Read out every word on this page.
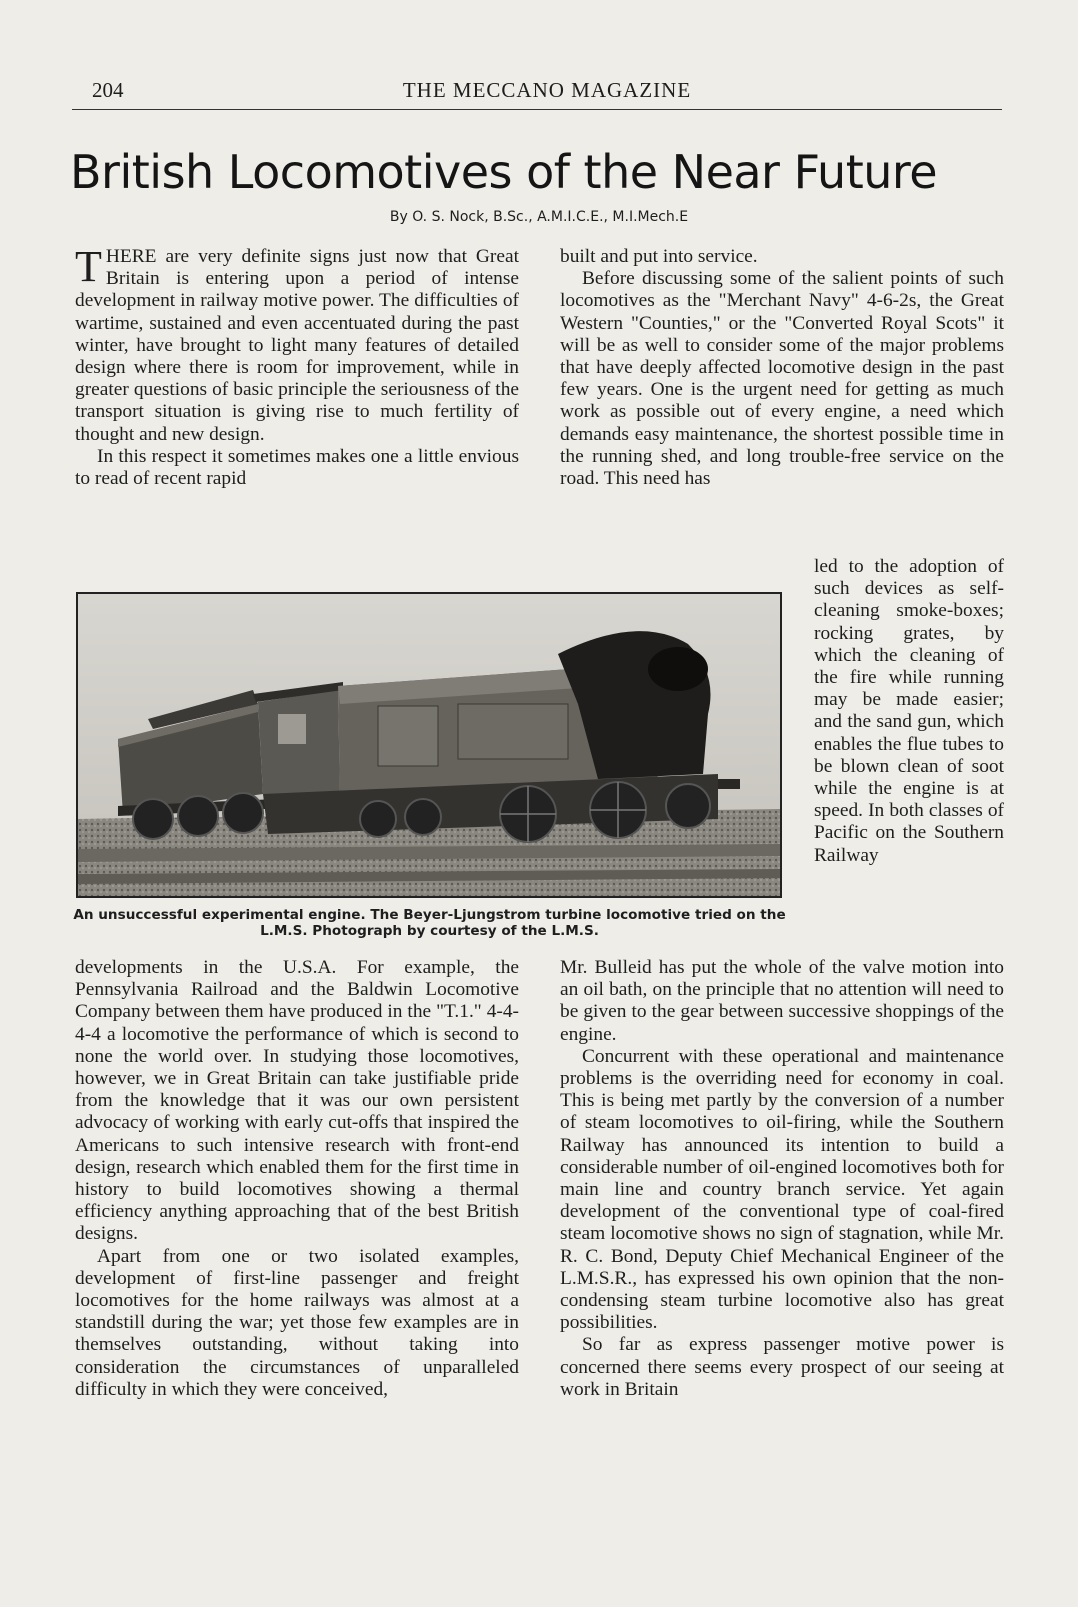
204	THE MECCANO MAGAZINE
British Locomotives of the Near Future
By O. S. Nock, B.Sc., A.M.I.C.E., M.I.Mech.E

THERE are very definite signs just now that Great Britain is entering upon a period of intense development in railway motive power. The difficulties of wartime, sustained and even accentuated during the past winter, have brought to light many features of detailed design where there is room for improvement, while in greater questions of basic principle the seriousness of the transport situation is giving rise to much fertility of thought and new design.

In this respect it sometimes makes one a little envious to read of recent rapid

built and put into service.

Before discussing some of the salient points of such locomotives as the "Merchant Navy" 4-6-2s, the Great Western "Counties," or the "Converted Royal Scots" it will be as well to consider some of the major problems that have deeply affected locomotive design in the past few years. One is the urgent need for getting as much work as possible out of every engine, a need which demands easy maintenance, the shortest possible time in the running shed, and long trouble-free service on the road. This need has

An unsuccessful experimental engine. The Beyer-Ljungstrom turbine locomotive tried on the L.M.S. Photograph by courtesy of the L.M.S.

led to the adoption of such devices as self-cleaning smoke-boxes; rocking grates, by which the cleaning of the fire while running may be made easier; and the sand gun, which enables the flue tubes to be blown clean of soot while the engine is at speed. In both classes of Pacific on the Southern Railway

developments in the U.S.A. For example, the Pennsylvania Railroad and the Baldwin Locomotive Company between them have produced in the "T.1." 4-4-4-4 a locomotive the performance of which is second to none the world over. In studying those locomotives, however, we in Great Britain can take justifiable pride from the knowledge that it was our own persistent advocacy of working with early cut-offs that inspired the Americans to such intensive research with front-end design, research which enabled them for the first time in history to build locomotives showing a thermal efficiency anything approaching that of the best British designs.

Apart from one or two isolated examples, development of first-line passenger and freight locomotives for the home railways was almost at a standstill during the war; yet those few examples are in themselves outstanding, without taking into consideration the circumstances of unparalleled difficulty in which they were conceived,

Mr. Bulleid has put the whole of the valve motion into an oil bath, on the principle that no attention will need to be given to the gear between successive shoppings of the engine.

Concurrent with these operational and maintenance problems is the overriding need for economy in coal. This is being met partly by the conversion of a number of steam locomotives to oil-firing, while the Southern Railway has announced its intention to build a considerable number of oil-engined locomotives both for main line and country branch service. Yet again development of the conventional type of coal-fired steam locomotive shows no sign of stagnation, while Mr. R. C. Bond, Deputy Chief Mechanical Engineer of the L.M.S.R., has expressed his own opinion that the non-condensing steam turbine locomotive also has great possibilities.

So far as express passenger motive power is concerned there seems every prospect of our seeing at work in Britain
